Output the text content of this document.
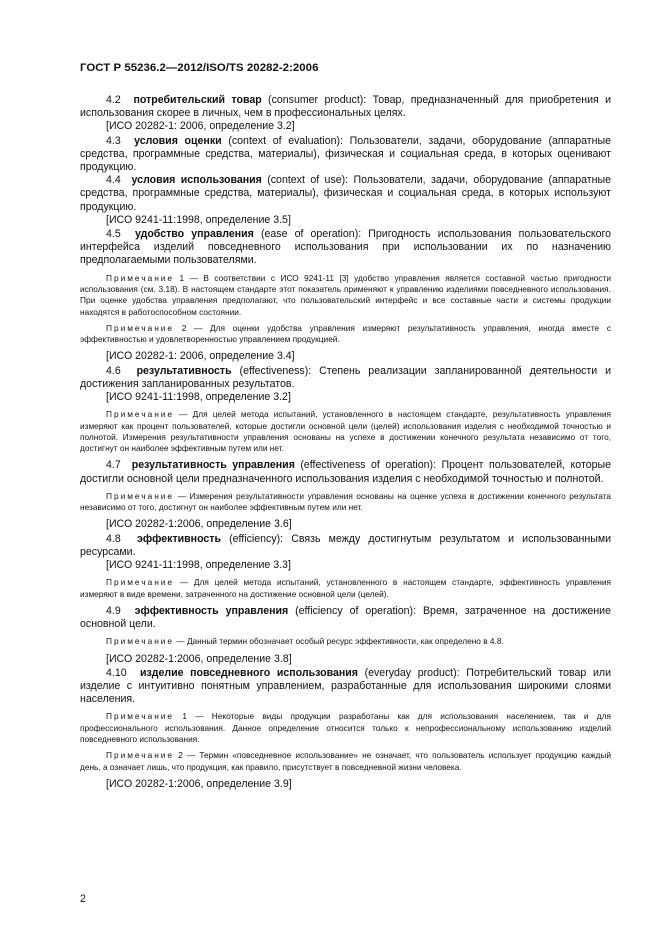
ГОСТ Р 55236.2—2012/ISO/TS 20282-2:2006

4.2 потребительский товар (consumer product): Товар, предназначенный для приобретения и использования скорее в личных, чем в профессиональных целях.

[ИСО 20282-1: 2006, определение 3.2]

4.3 условия оценки (context of evaluation): Пользователи, задачи, оборудование (аппаратные средства, программные средства, материалы), физическая и социальная среда, в которых оценивают продукцию.

4.4 условия использования (context of use): Пользователи, задачи, оборудование (аппаратные средства, программные средства, материалы), физическая и социальная среда, в которых используют продукцию.

[ИСО 9241-11:1998, определение 3.5]

4.5 удобство управления (ease of operation): Пригодность использования пользовательского интерфейса изделий повседневного использования при использовании их по назначению предполагаемыми пользователями.

Примечание 1 — В соответствии с ИСО 9241-11 [3] удобство управления является составной частью пригодности использования (см. 3.18). В настоящем стандарте этот показатель применяют к управлению изделиями повседневного использования. При оценке удобства управления предполагают, что пользовательский интерфейс и все составные части и системы продукции находятся в работоспособном состоянии.

Примечание 2 — Для оценки удобства управления измеряют результативность управления, иногда вместе с эффективностью и удовлетворенностью управлением продукцией.

[ИСО 20282-1: 2006, определение 3.4]

4.6 результативность (effectiveness): Степень реализации запланированной деятельности и достижения запланированных результатов.

[ИСО 9241-11:1998, определение 3.2]

Примечание — Для целей метода испытаний, установленного в настоящем стандарте, результативность управления измеряют как процент пользователей, которые достигли основной цели (целей) использования изделия с необходимой точностью и полнотой. Измерения результативности управления основаны на успехе в достижении конечного результата независимо от того, достигнут он наиболее эффективным путем или нет.

4.7 результативность управления (effectiveness of operation): Процент пользователей, которые достигли основной цели предназначенного использования изделия с необходимой точностью и полнотой.

Примечание — Измерения результативности управления основаны на оценке успеха в достижении конечного результата независимо от того, достигнут он наиболее эффективным путем или нет.

[ИСО 20282-1:2006, определение 3.6]

4.8 эффективность (efficiency): Связь между достигнутым результатом и использованными ресурсами.

[ИСО 9241-11:1998, определение 3.3]

Примечание — Для целей метода испытаний, установленного в настоящем стандарте, эффективность управления измеряют в виде времени, затраченного на достижение основной цели (целей).

4.9 эффективность управления (efficiency of operation): Время, затраченное на достижение основной цели.

Примечание — Данный термин обозначает особый ресурс эффективности, как определено в 4.8.

[ИСО 20282-1:2006, определение 3.8]

4.10 изделие повседневного использования (everyday product): Потребительский товар или изделие с интуитивно понятным управлением, разработанные для использования широкими слоями населения.

Примечание 1 — Некоторые виды продукции разработаны как для использования населением, так и для профессионального использования. Данное определение относится только к непрофессиональному использованию изделий повседневного использования.

Примечание 2 — Термин «повседневное использование» не означает, что пользователь использует продукцию каждый день, а означает лишь, что продукция, как правило, присутствует в повседневной жизни человека.

[ИСО 20282-1:2006, определение 3.9]

2
